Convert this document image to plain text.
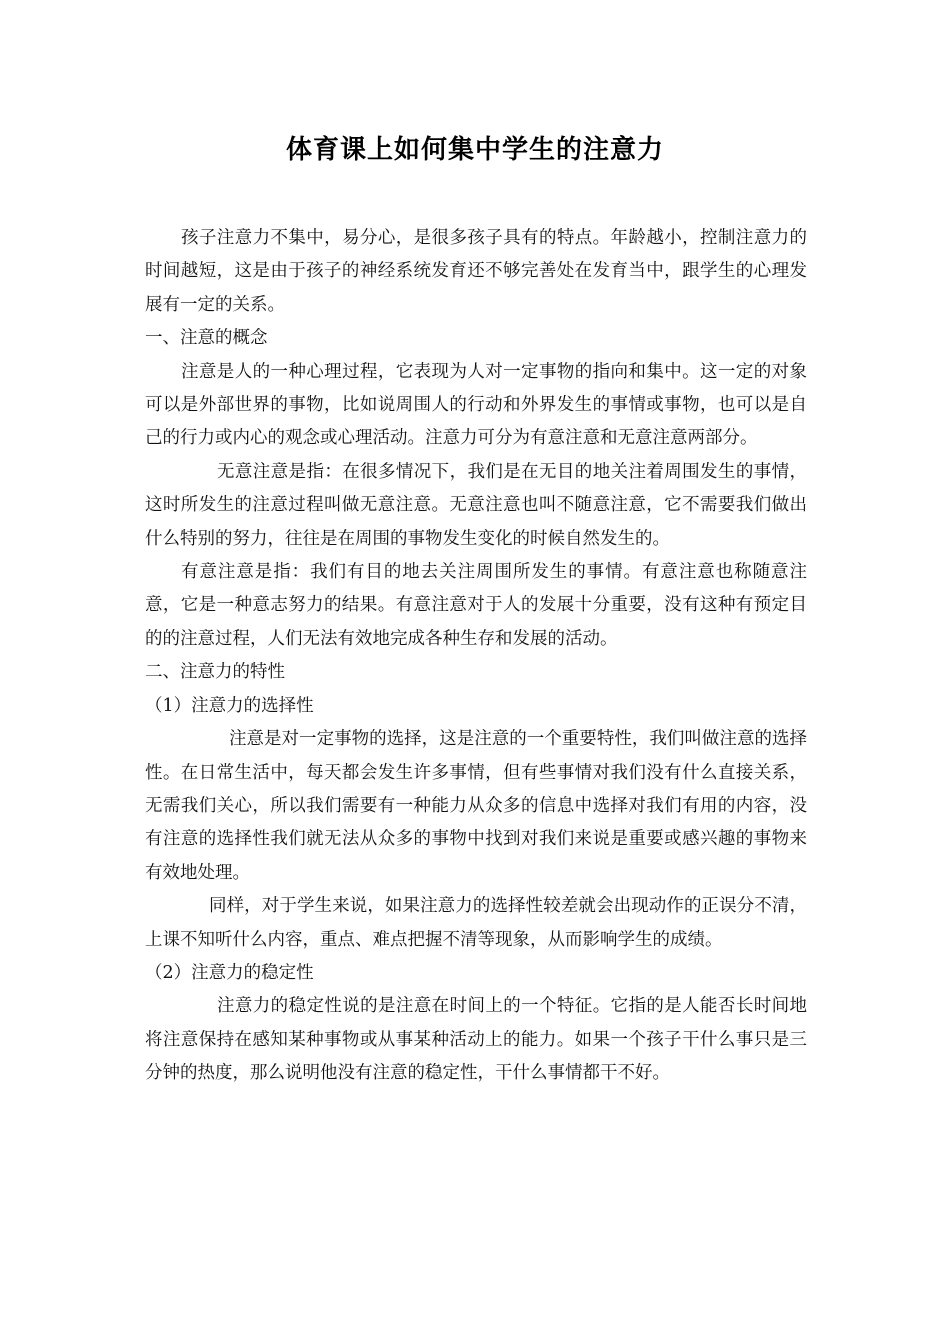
体育课上如何集中学生的注意力

孩子注意力不集中，易分心，是很多孩子具有的特点。年龄越小，控制注意力的时间越短，这是由于孩子的神经系统发育还不够完善处在发育当中，跟学生的心理发展有一定的关系。

一、注意的概念

注意是人的一种心理过程，它表现为人对一定事物的指向和集中。这一定的对象可以是外部世界的事物，比如说周围人的行动和外界发生的事情或事物，也可以是自己的行力或内心的观念或心理活动。注意力可分为有意注意和无意注意两部分。

无意注意是指：在很多情况下，我们是在无目的地关注着周围发生的事情，这时所发生的注意过程叫做无意注意。无意注意也叫不随意注意，它不需要我们做出什么特别的努力，往往是在周围的事物发生变化的时候自然发生的。

有意注意是指：我们有目的地去关注周围所发生的事情。有意注意也称随意注意，它是一种意志努力的结果。有意注意对于人的发展十分重要，没有这种有预定目的的注意过程，人们无法有效地完成各种生存和发展的活动。

二、注意力的特性

（1）注意力的选择性

注意是对一定事物的选择，这是注意的一个重要特性，我们叫做注意的选择性。在日常生活中，每天都会发生许多事情，但有些事情对我们没有什么直接关系，无需我们关心，所以我们需要有一种能力从众多的信息中选择对我们有用的内容，没有注意的选择性我们就无法从众多的事物中找到对我们来说是重要或感兴趣的事物来有效地处理。

同样，对于学生来说，如果注意力的选择性较差就会出现动作的正误分不清，上课不知听什么内容，重点、难点把握不清等现象，从而影响学生的成绩。

（2）注意力的稳定性

注意力的稳定性说的是注意在时间上的一个特征。它指的是人能否长时间地将注意保持在感知某种事物或从事某种活动上的能力。如果一个孩子干什么事只是三分钟的热度，那么说明他没有注意的稳定性，干什么事情都干不好。
